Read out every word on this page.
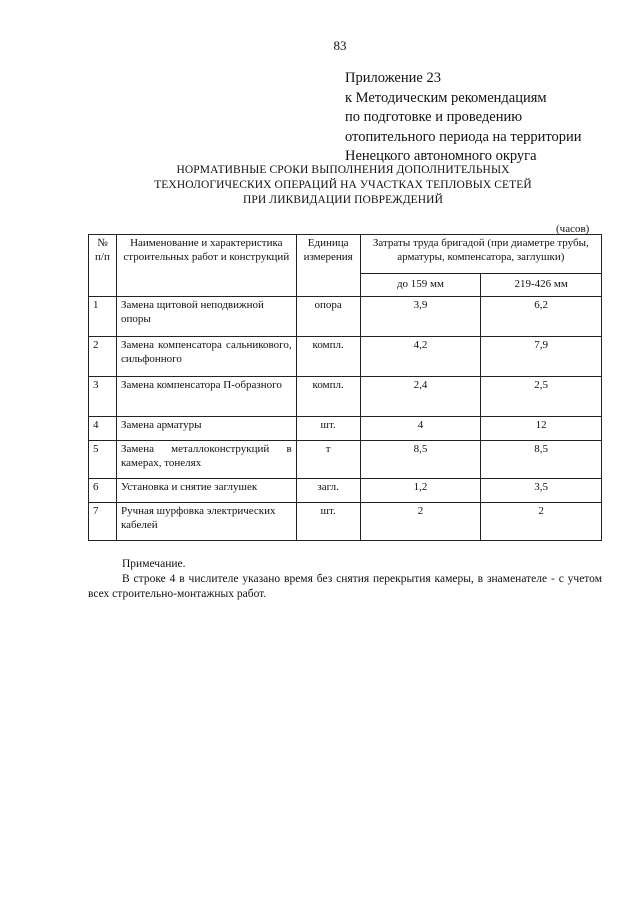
83
Приложение 23
к Методическим рекомендациям
по подготовке и проведению
отопительного периода на территории
Ненецкого автономного округа
НОРМАТИВНЫЕ СРОКИ ВЫПОЛНЕНИЯ ДОПОЛНИТЕЛЬНЫХ
ТЕХНОЛОГИЧЕСКИХ ОПЕРАЦИЙ НА УЧАСТКАХ ТЕПЛОВЫХ СЕТЕЙ
ПРИ ЛИКВИДАЦИИ ПОВРЕЖДЕНИЙ
(часов)
№ п/п	Наименование и характеристика строительных работ и конструкций	Единица измерения	Затраты труда бригадой (при диаметре трубы, арматуры, компенсатора, заглушки)	
			до 159 мм	219-426 мм
1	Замена щитовой неподвижной опоры	опора	3,9	6,2
2	Замена компенсатора сальникового, сильфонного	компл.	4,2	7,9
3	Замена компенсатора П-образного	компл.	2,4	2,5
4	Замена арматуры	шт.	4	12
5	Замена металлоконструкций в камерах, тонелях	т	8,5	8,5
6	Установка и снятие заглушек	загл.	1,2	3,5
7	Ручная шурфовка электрических кабелей	шт.	2	2
Примечание.
В строке 4 в числителе указано время без снятия перекрытия камеры, в знаменателе - с учетом всех строительно-монтажных работ.
